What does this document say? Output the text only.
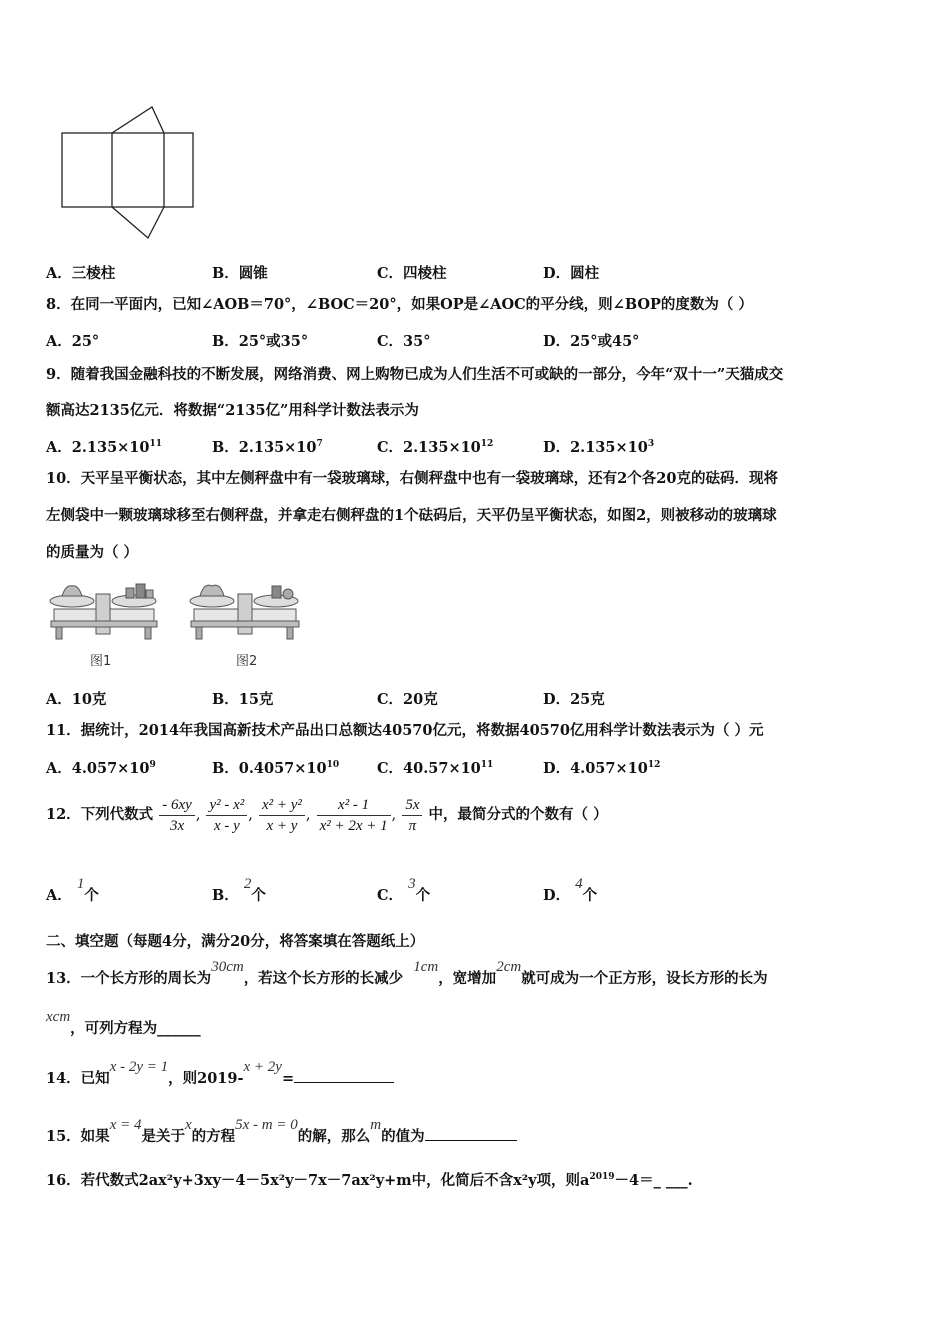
A．三棱柱	B．圆锥	C．四棱柱	D．圆柱
8．在同一平面内，已知∠AOB＝70°，∠BOC＝20°，如果OP是∠AOC的平分线，则∠BOP的度数为（ ）
A．25°	B．25°或35°	C．35°	D．25°或45°
9．随着我国金融科技的不断发展，网络消费、网上购物已成为人们生活不可或缺的一部分，今年“双十一”天猫成交
额高达2135亿元．将数据“2135亿”用科学计数法表示为
A．$2.135\times 10^{11}$	B．$2.135\times 10^7$	C．$2.135\times 10^{12}$	D．$2.135\times 10^3$
10．天平呈平衡状态，其中左侧秤盘中有一袋玻璃球，右侧秤盘中也有一袋玻璃球，还有2个各20克的砝码．现将
左侧袋中一颗玻璃球移至右侧秤盘，并拿走右侧秤盘的1个砝码后，天平仍呈平衡状态，如图2，则被移动的玻璃球
的质量为（ ）
图1	图2
A．10克	B．15克	C．20克	D．25克
11．据统计，2014年我国高新技术产品出口总额达40570亿元，将数据40570亿用科学计数法表示为（ ）元
A．$4.057\times 10^9$	B．$0.4057\times 10^{10}$	C．$40.57\times 10^{11}$	D．$4.057\times 10^{12}$
12．下列代数式 $\frac{- 6xy}{3x}$ , $\frac{\text{y² - x²}}{x - y}$ , $\frac{\text{x² + y²}}{x + y}$ , $\frac{\text{x² - 1}}{\text{x² + 2x + 1}}$ , $\frac{5x}{\pi}$ 中，最简分式的个数有（ ）
A． 1个	B． 2个	C． 3个	D． 4个
二、填空题（每题4分，满分20分，将答案填在答题纸上）
13．一个长方形的周长为30cm，若这个长方形的长减少1cm，宽增加2cm就可成为一个正方形，设长方形的长为
xcm，可列方程为______
14．已知x - 2y = 1，则2019-x + 2y=
15．如果x = 4是关于x的方程5x - m = 0的解，那么m的值为
16．若代数式2ax²y+3xy－4－5x²y－7x－7ax²y+m中，化简后不含x²y项，则$a^{2019}-4=\_$ ___.
